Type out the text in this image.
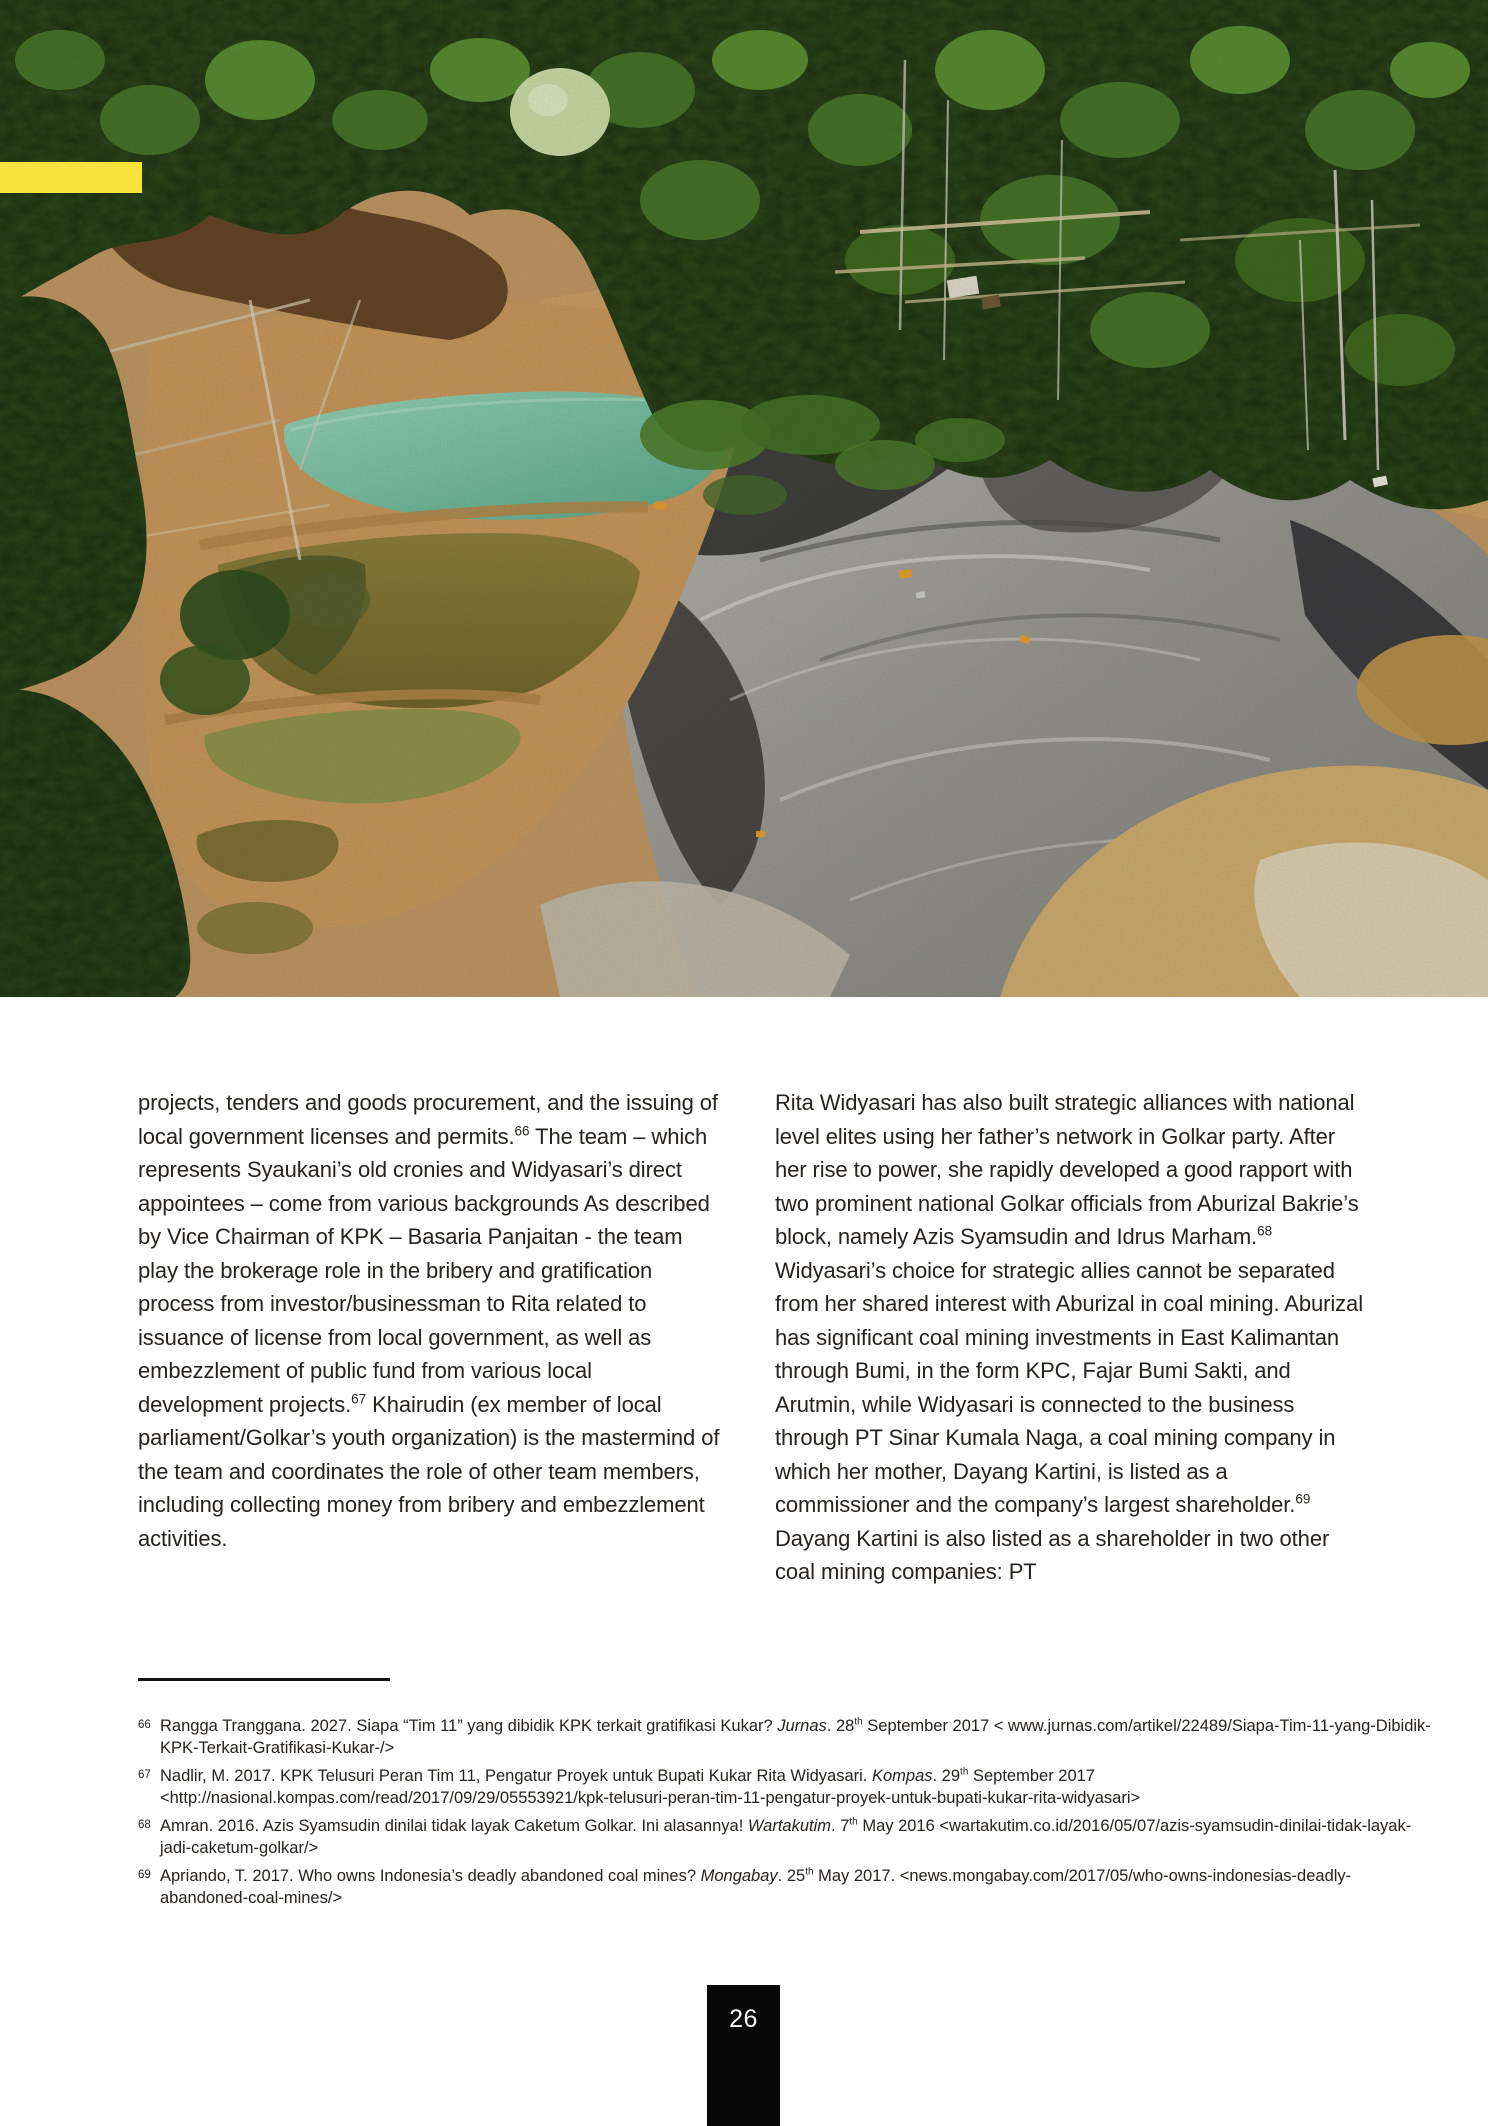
projects, tenders and goods procurement, and the issuing of local government licenses and permits.$^{66}$ The team – which represents Syaukani’s old cronies and Widyasari’s direct appointees – come from various backgrounds As described by Vice Chairman of KPK – Basaria Panjaitan - the team play the brokerage role in the bribery and gratification process from investor/businessman to Rita related to issuance of license from local government, as well as embezzlement of public fund from various local development projects.$^{67}$ Khairudin (ex member of local parliament/Golkar’s youth organization) is the mastermind of the team and coordinates the role of other team members, including collecting money from bribery and embezzlement activities.

Rita Widyasari has also built strategic alliances with national level elites using her father’s network in Golkar party. After her rise to power, she rapidly developed a good rapport with two prominent national Golkar officials from Aburizal Bakrie’s block, namely Azis Syamsudin and Idrus Marham.$^{68}$ Widyasari’s choice for strategic allies cannot be separated from her shared interest with Aburizal in coal mining. Aburizal has significant coal mining investments in East Kalimantan through Bumi, in the form KPC, Fajar Bumi Sakti, and Arutmin, while Widyasari is connected to the business through PT Sinar Kumala Naga, a coal mining company in which her mother, Dayang Kartini, is listed as a commissioner and the company’s largest shareholder.$^{69}$ Dayang Kartini is also listed as a shareholder in two other coal mining companies: PT

66 Rangga Tranggana. 2027. Siapa “Tim 11” yang dibidik KPK terkait gratifikasi Kukar? Jurnas. 28th September 2017 < www.jurnas.com/artikel/22489/Siapa-Tim-11-yang-Dibidik-KPK-Terkait-Gratifikasi-Kukar-/>
67 Nadlir, M. 2017. KPK Telusuri Peran Tim 11, Pengatur Proyek untuk Bupati Kukar Rita Widyasari. Kompas. 29th September 2017 <http://nasional.kompas.com/read/2017/09/29/05553921/kpk-telusuri-peran-tim-11-pengatur-proyek-untuk-bupati-kukar-rita-widyasari>
68 Amran. 2016. Azis Syamsudin dinilai tidak layak Caketum Golkar. Ini alasannya! Wartakutim. 7th May 2016 <wartakutim.co.id/2016/05/07/azis-syamsudin-dinilai-tidak-layak-jadi-caketum-golkar/>
69 Apriando, T. 2017. Who owns Indonesia’s deadly abandoned coal mines? Mongabay. 25th May 2017. <news.mongabay.com/2017/05/who-owns-indonesias-deadly-abandoned-coal-mines/>
26
